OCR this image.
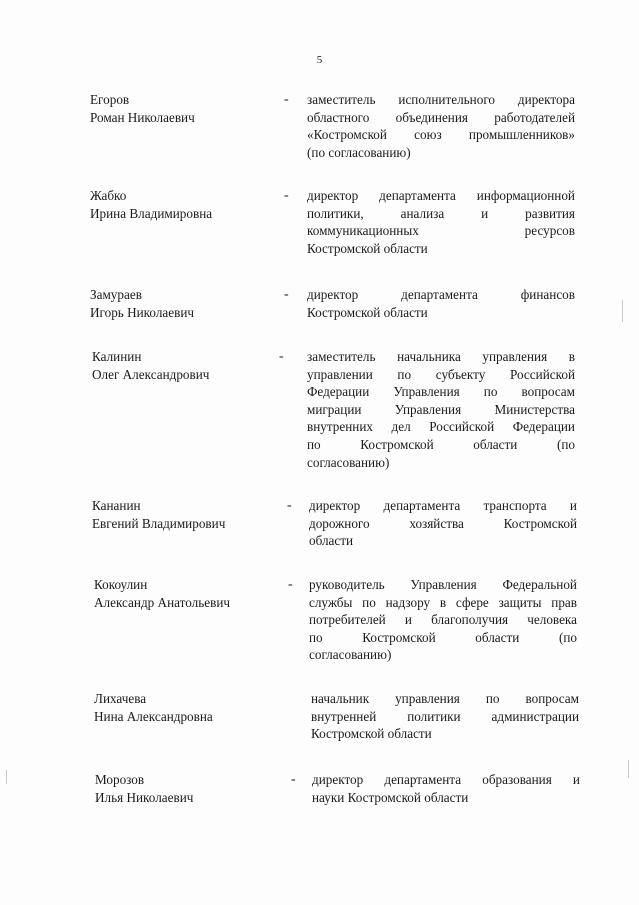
5
Егоров
Роман Николаевич
- заместитель исполнительного директора
областного объединения работодателей
«Костромской союз промышленников»
(по согласованию)
Жабко
Ирина Владимировна
- директор департамента информационной
политики, анализа и развития
коммуникационных ресурсов
Костромской области
Замураев
Игорь Николаевич
- директор департамента финансов
Костромской области
Калинин
Олег Александрович
- заместитель начальника управления в
управлении по субъекту Российской
Федерации Управления по вопросам
миграции Управления Министерства
внутренних дел Российской Федерации
по Костромской области (по
согласованию)
Кананин
Евгений Владимирович
- директор департамента транспорта и
дорожного хозяйства Костромской
области
Кокоулин
Александр Анатольевич
- руководитель Управления Федеральной
службы по надзору в сфере защиты прав
потребителей и благополучия человека
по Костромской области (по
согласованию)
Лихачева
Нина Александровна
начальник управления по вопросам
внутренней политики администрации
Костромской области
Морозов
Илья Николаевич
- директор департамента образования и
науки Костромской области
